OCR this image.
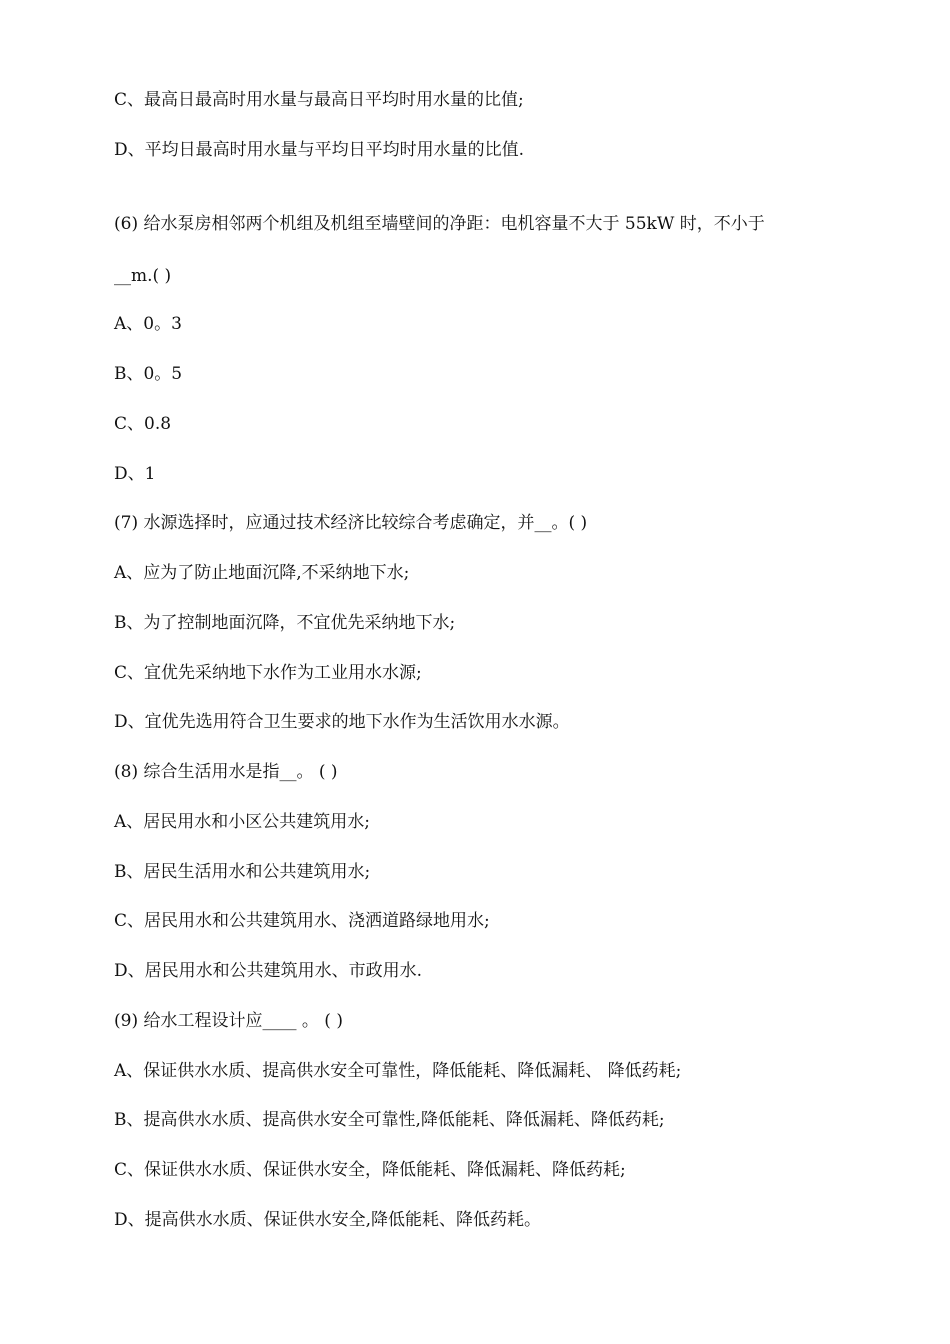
C、最高日最高时用水量与最高日平均时用水量的比值;
D、平均日最高时用水量与平均日平均时用水量的比值.
(6) 给水泵房相邻两个机组及机组至墙壁间的净距：电机容量不大于 55kW 时，不小于
__m.( )
A、0。3
B、0。5
C、0.8
D、1
(7) 水源选择时，应通过技术经济比较综合考虑确定，并__。( )
A、应为了防止地面沉降,不采纳地下水;
B、为了控制地面沉降，不宜优先采纳地下水;
C、宜优先采纳地下水作为工业用水水源;
D、宜优先选用符合卫生要求的地下水作为生活饮用水水源。
(8) 综合生活用水是指__。 ( )
A、居民用水和小区公共建筑用水;
B、居民生活用水和公共建筑用水;
C、居民用水和公共建筑用水、浇洒道路绿地用水;
D、居民用水和公共建筑用水、市政用水.
(9) 给水工程设计应____ 。 ( )
A、保证供水水质、提高供水安全可靠性，降低能耗、降低漏耗、 降低药耗;
B、提高供水水质、提高供水安全可靠性,降低能耗、降低漏耗、降低药耗;
C、保证供水水质、保证供水安全，降低能耗、降低漏耗、降低药耗;
D、提高供水水质、保证供水安全,降低能耗、降低药耗。
